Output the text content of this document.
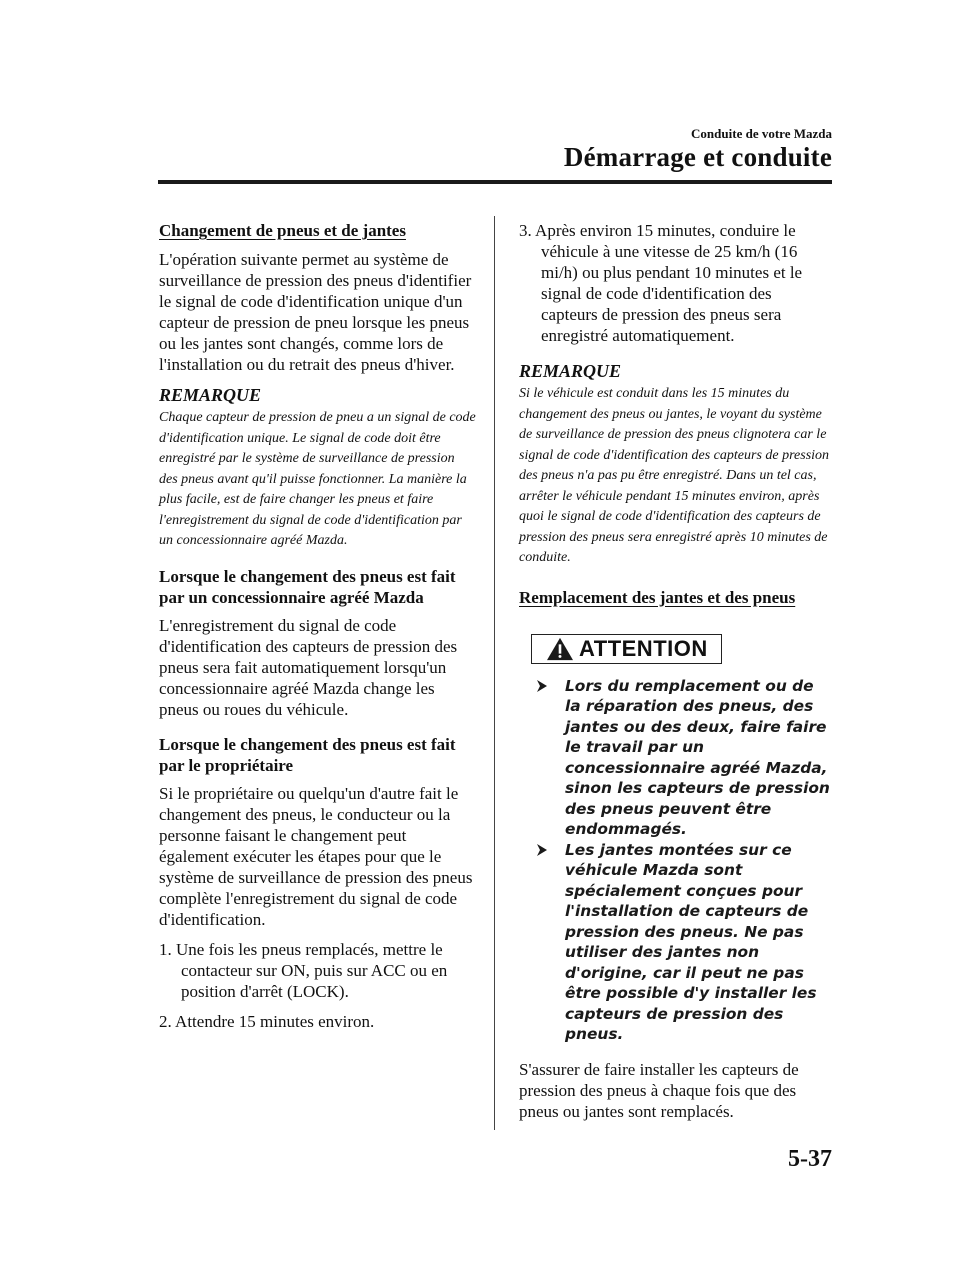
Conduite de votre Mazda
Démarrage et conduite

Changement de pneus et de jantes

L'opération suivante permet au système de surveillance de pression des pneus d'identifier le signal de code d'identification unique d'un capteur de pression de pneu lorsque les pneus ou les jantes sont changés, comme lors de l'installation ou du retrait des pneus d'hiver.

REMARQUE

Chaque capteur de pression de pneu a un signal de code d'identification unique. Le signal de code doit être enregistré par le système de surveillance de pression des pneus avant qu'il puisse fonctionner. La manière la plus facile, est de faire changer les pneus et faire l'enregistrement du signal de code d'identification par un concessionnaire agréé Mazda.

Lorsque le changement des pneus est fait par un concessionnaire agréé Mazda

L'enregistrement du signal de code d'identification des capteurs de pression des pneus sera fait automatiquement lorsqu'un concessionnaire agréé Mazda change les pneus ou roues du véhicule.

Lorsque le changement des pneus est fait par le propriétaire

Si le propriétaire ou quelqu'un d'autre fait le changement des pneus, le conducteur ou la personne faisant le changement peut également exécuter les étapes pour que le système de surveillance de pression des pneus complète l'enregistrement du signal de code d'identification.

1. Une fois les pneus remplacés, mettre le contacteur sur ON, puis sur ACC ou en position d'arrêt (LOCK).

2. Attendre 15 minutes environ.

3. Après environ 15 minutes, conduire le véhicule à une vitesse de 25 km/h (16 mi/h) ou plus pendant 10 minutes et le signal de code d'identification des capteurs de pression des pneus sera enregistré automatiquement.

REMARQUE

Si le véhicule est conduit dans les 15 minutes du changement des pneus ou jantes, le voyant du système de surveillance de pression des pneus clignotera car le signal de code d'identification des capteurs de pression des pneus n'a pas pu être enregistré. Dans un tel cas, arrêter le véhicule pendant 15 minutes environ, après quoi le signal de code d'identification des capteurs de pression des pneus sera enregistré après 10 minutes de conduite.

Remplacement des jantes et des pneus

ATTENTION
Lors du remplacement ou de la réparation des pneus, des jantes ou des deux, faire faire le travail par un concessionnaire agréé Mazda, sinon les capteurs de pression des pneus peuvent être endommagés.
Les jantes montées sur ce véhicule Mazda sont spécialement conçues pour l'installation de capteurs de pression des pneus. Ne pas utiliser des jantes non d'origine, car il peut ne pas être possible d'y installer les capteurs de pression des pneus.

S'assurer de faire installer les capteurs de pression des pneus à chaque fois que des pneus ou jantes sont remplacés.

5-37
